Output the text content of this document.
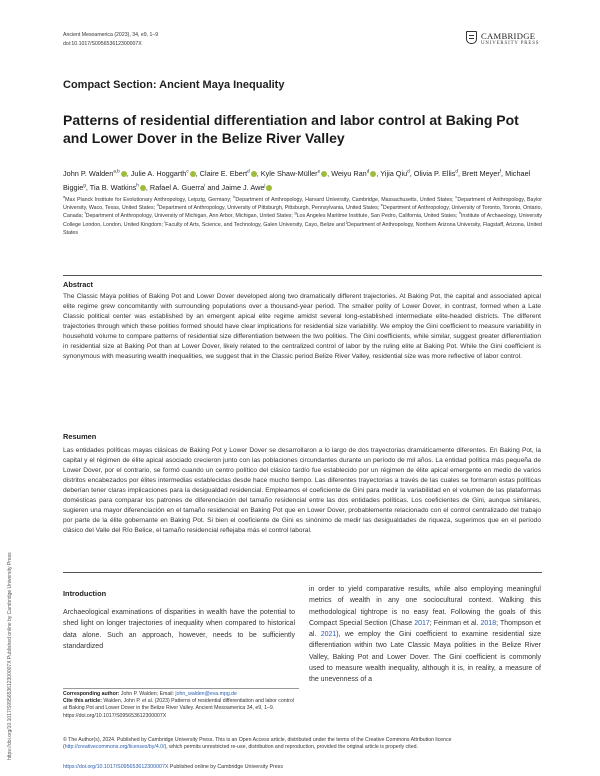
Ancient Mesoamerica (2023), 34, e9, 1–9
doi:10.1017/S095653612300007X
CAMBRIDGE
UNIVERSITY PRESS
Compact Section: Ancient Maya Inequality
Patterns of residential differentiation and labor control at Baking Pot and Lower Dover in the Belize River Valley
John P. Walden$^{a,b}$ , Julie A. Hoggarth$^c$ , Claire E. Ebert$^d$ , Kyle Shaw-Müller$^e$ , Weiyu Ran$^d$ , Yijia Qiu$^d$, Olivia P. Ellis$^d$, Brett Meyer$^f$, Michael Biggie$^g$, Tia B. Watkins$^h$ , Rafael A. Guerra$^i$ and Jaime J. Awe$^j$
$^a$Max Planck Institute for Evolutionary Anthropology, Leipzig, Germany; $^b$Department of Anthropology, Harvard University, Cambridge, Massachusetts, United States; $^c$Department of Anthropology, Baylor University, Waco, Texas, United States; $^d$Department of Anthropology, University of Pittsburgh, Pittsburgh, Pennsylvania, United States; $^e$Department of Anthropology, University of Toronto, Toronto, Ontario, Canada; $^f$Department of Anthropology, University of Michigan, Ann Arbor, Michigan, United States; $^g$Los Angeles Maritime Institute, San Pedro, California, United States; $^h$Institute of Archaeology, University College London, London, United Kingdom; $^i$Faculty of Arts, Science, and Technology, Galen University, Cayo, Belize and $^j$Department of Anthropology, Northern Arizona University, Flagstaff, Arizona, United States
Abstract
The Classic Maya polities of Baking Pot and Lower Dover developed along two dramatically different trajectories. At Baking Pot, the capital and associated apical elite regime grew concomitantly with surrounding populations over a thousand-year period. The smaller polity of Lower Dover, in contrast, formed when a Late Classic political center was established by an emergent apical elite regime amidst several long-established intermediate elite-headed districts. The different trajectories through which these polities formed should have clear implications for residential size variability. We employ the Gini coefficient to measure variability in household volume to compare patterns of residential size differentiation between the two polities. The Gini coefficients, while similar, suggest greater differentiation in residential size at Baking Pot than at Lower Dover, likely related to the centralized control of labor by the ruling elite at Baking Pot. While the Gini coefficient is synonymous with measuring wealth inequalities, we suggest that in the Classic period Belize River Valley, residential size was more reflective of labor control.
Resumen
Las entidades políticas mayas clásicas de Baking Pot y Lower Dover se desarrollaron a lo largo de dos trayectorias dramáticamente diferentes. En Baking Pot, la capital y el régimen de élite apical asociado crecieron junto con las poblaciones circundantes durante un período de mil años. La entidad política más pequeña de Lower Dover, por el contrario, se formó cuando un centro político del clásico tardío fue establecido por un régimen de élite apical emergente en medio de varios distritos encabezados por élites intermedias establecidas desde hace mucho tiempo. Las diferentes trayectorias a través de las cuales se formaron estas políticas deberían tener claras implicaciones para la desigualdad residencial. Empleamos el coeficiente de Gini para medir la variabilidad en el volumen de las plataformas domésticas para comparar los patrones de diferenciación del tamaño residencial entre las dos entidades políticas. Los coeficientes de Gini, aunque similares, sugieren una mayor diferenciación en el tamaño residencial en Baking Pot que en Lower Dover, probablemente relacionado con el control centralizado del trabajo por parte de la élite gobernante en Baking Pot. Si bien el coeficiente de Gini es sinónimo de medir las desigualdades de riqueza, sugerimos que en el período clásico del Valle del Río Belice, el tamaño residencial reflejaba más el control laboral.
Introduction
Archaeological examinations of disparities in wealth have the potential to shed light on longer trajectories of inequality when compared to historical data alone. Such an approach, however, needs to be sufficiently standardized
in order to yield comparative results, while also employing meaningful metrics of wealth in any one sociocultural context. Walking this methodological tightrope is no easy feat. Following the goals of this Compact Special Section (Chase 2017; Feinman et al. 2018; Thompson et al. 2021), we employ the Gini coefficient to examine residential size differentiation within two Late Classic Maya polities in the Belize River Valley, Baking Pot and Lower Dover. The Gini coefficient is commonly used to measure wealth inequality, although it is, in reality, a measure of the unevenness of a
Corresponding author: John P. Walden; Email: john_walden@eva.mpg.de
Cite this article: Walden, John P. et al. (2023) Patterns of residential differentiation and labor control at Baking Pot and Lower Dover in the Belize River Valley. Ancient Mesoamerica 34, e9, 1–9. https://doi.org/10.1017/S095653612300007X
© The Author(s), 2024. Published by Cambridge University Press. This is an Open Access article, distributed under the terms of the Creative Commons Attribution licence (http://creativecommons.org/licenses/by/4.0/), which permits unrestricted re-use, distribution and reproduction, provided the original article is properly cited.
https://doi.org/10.1017/S095653612300007X Published online by Cambridge University Press
https://doi.org/10.1017/S095653612300007X Published online by Cambridge University Press
